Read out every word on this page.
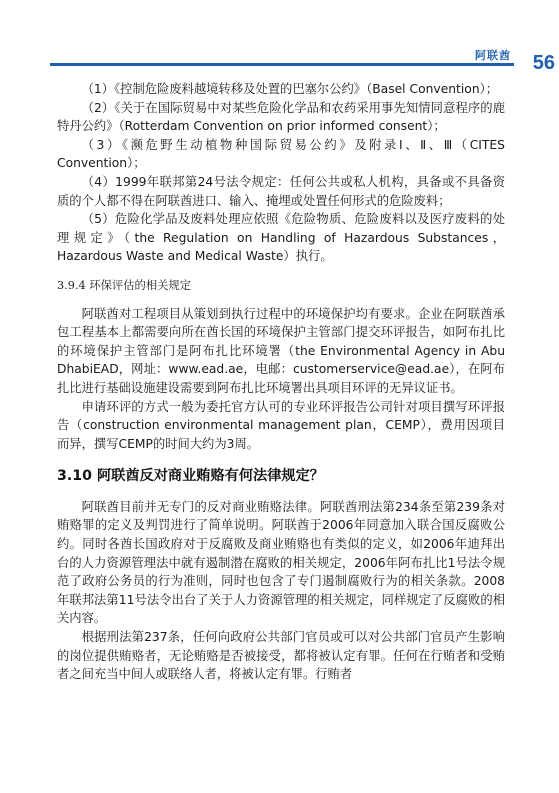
阿联酋 56

（1）《控制危险废料越境转移及处置的巴塞尔公约》（Basel Convention）；

（2）《关于在国际贸易中对某些危险化学品和农药采用事先知情同意程序的鹿特丹公约》（Rotterdam Convention on prior informed consent）；

（3）《濒危野生动植物种国际贸易公约》及附录Ⅰ、Ⅱ、Ⅲ（CITES Convention）；

（4）1999年联邦第24号法令规定：任何公共或私人机构，具备或不具备资质的个人都不得在阿联酋进口、输入、掩埋或处置任何形式的危险废料；

（5）危险化学品及废料处理应依照《危险物质、危险废料以及医疗废料的处理规定》（the Regulation on Handling of Hazardous Substances，Hazardous Waste and Medical Waste）执行。

3.9.4 环保评估的相关规定

阿联酋对工程项目从策划到执行过程中的环境保护均有要求。企业在阿联酋承包工程基本上都需要向所在酋长国的环境保护主管部门提交环评报告，如阿布扎比的环境保护主管部门是阿布扎比环境署（the Environmental Agency in Abu DhabiEAD，网址：www.ead.ae，电邮：customerservice@ead.ae），在阿布扎比进行基础设施建设需要到阿布扎比环境署出具项目环评的无异议证书。

申请环评的方式一般为委托官方认可的专业环评报告公司针对项目撰写环评报告（construction environmental management plan，CEMP），费用因项目而异，撰写CEMP的时间大约为3周。

3.10 阿联酋反对商业贿赂有何法律规定？

阿联酋目前并无专门的反对商业贿赂法律。阿联酋刑法第234条至第239条对贿赂罪的定义及判罚进行了简单说明。阿联酋于2006年同意加入联合国反腐败公约。同时各酋长国政府对于反腐败及商业贿赂也有类似的定义，如2006年迪拜出台的人力资源管理法中就有遏制潜在腐败的相关规定，2006年阿布扎比1号法令规范了政府公务员的行为准则，同时也包含了专门遏制腐败行为的相关条款。2008年联邦法第11号法令出台了关于人力资源管理的相关规定，同样规定了反腐败的相关内容。

根据刑法第237条，任何向政府公共部门官员或可以对公共部门官员产生影响的岗位提供贿赂者，无论贿赂是否被接受，都将被认定有罪。任何在行贿者和受贿者之间充当中间人或联络人者，将被认定有罪。行贿者
